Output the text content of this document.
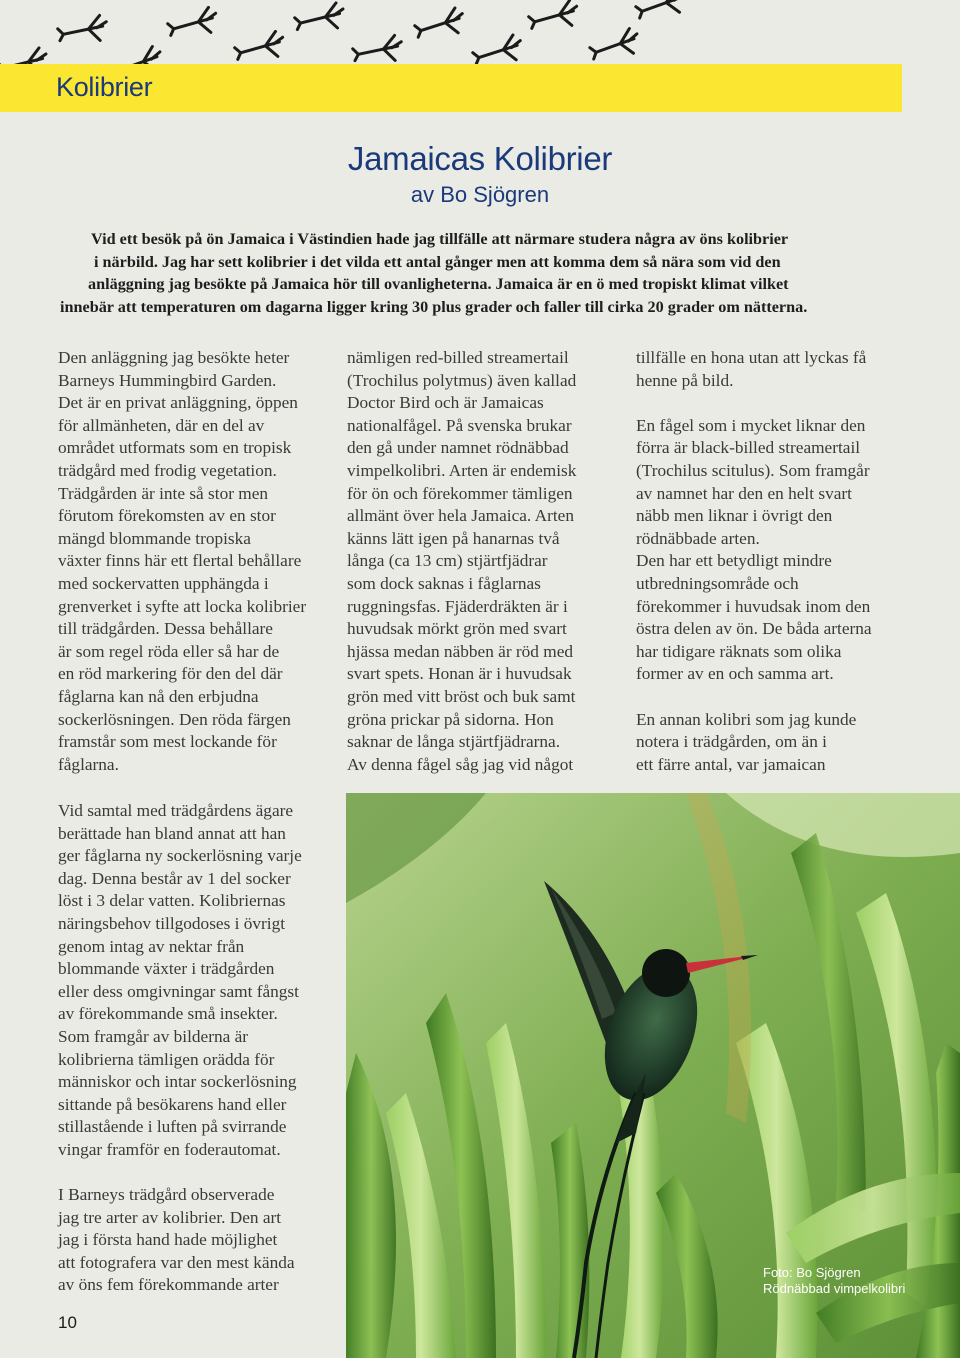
Kolibrier
Jamaicas Kolibrier
av Bo Sjögren
Vid ett besök på ön Jamaica i Västindien hade jag tillfälle att närmare studera några av öns kolibrier
i närbild. Jag har sett kolibrier i det vilda ett antal gånger men att komma dem så nära som vid den
anläggning jag besökte på Jamaica hör till ovanligheterna. Jamaica är en ö med tropiskt klimat vilket
innebär att temperaturen om dagarna ligger kring 30 plus grader och faller till cirka 20 grader om nätterna.
Den anläggning jag besökte heter
Barneys Hummingbird Garden.
Det är en privat anläggning, öppen
för allmänheten, där en del av
området utformats som en tropisk
trädgård med frodig vegetation.
Trädgården är inte så stor men
förutom förekomsten av en stor
mängd blommande tropiska
växter finns här ett flertal behållare
med sockervatten upphängda i
grenverket i syfte att locka kolibrier
till trädgården. Dessa behållare
är som regel röda eller så har de
en röd markering för den del där
fåglarna kan nå den erbjudna
sockerlösningen. Den röda färgen
framstår som mest lockande för
fåglarna.
Vid samtal med trädgårdens ägare
berättade han bland annat att han
ger fåglarna ny sockerlösning varje
dag. Denna består av 1 del socker
löst i 3 delar vatten. Kolibriernas
näringsbehov tillgodoses i övrigt
genom intag av nektar från
blommande växter i trädgården
eller dess omgivningar samt fångst
av förekommande små insekter.
Som framgår av bilderna är
kolibrierna tämligen orädda för
människor och intar sockerlösning
sittande på besökarens hand eller
stillastående i luften på svirrande
vingar framför en foderautomat.
I Barneys trädgård observerade
jag tre arter av kolibrier. Den art
jag i första hand hade möjlighet
att fotografera var den mest kända
av öns fem förekommande arter
nämligen red-billed streamertail
(Trochilus polytmus) även kallad
Doctor Bird och är Jamaicas
nationalfågel. På svenska brukar
den gå under namnet rödnäbbad
vimpelkolibri. Arten är endemisk
för ön och förekommer tämligen
allmänt över hela Jamaica. Arten
känns lätt igen på hanarnas två
långa (ca 13 cm) stjärtfjädrar
som dock saknas i fåglarnas
ruggningsfas. Fjäderdräkten är i
huvudsak mörkt grön med svart
hjässa medan näbben är röd med
svart spets. Honan är i huvudsak
grön med vitt bröst och buk samt
gröna prickar på sidorna. Hon
saknar de långa stjärtfjädrarna.
Av denna fågel såg jag vid något
tillfälle en hona utan att lyckas få
henne på bild.
En fågel som i mycket liknar den
förra är black-billed streamertail
(Trochilus scitulus). Som framgår
av namnet har den en helt svart
näbb men liknar i övrigt den
rödnäbbade arten.
Den har ett betydligt mindre
utbredningsområde och
förekommer i huvudsak inom den
östra delen av ön. De båda arterna
har tidigare räknats som olika
former av en och samma art.
En annan kolibri som jag kunde
notera i trädgården, om än i
ett färre antal, var jamaican
Foto: Bo Sjögren
Rödnäbbad vimpelkolibri
10
